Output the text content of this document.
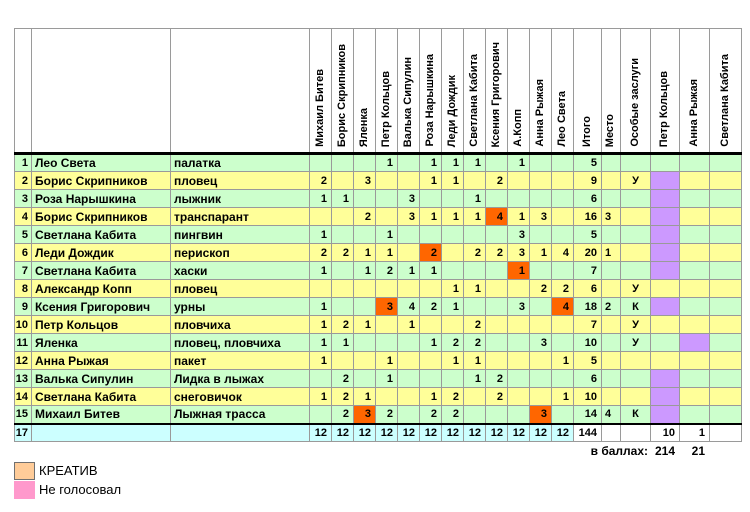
			Михаил Битев	Борис Скрипников	Яленка	Петр Кольцов	Валька Сипулин	Роза Нарышкина	Леди Дождик	Светлана Кабита	Ксения Григорович	А.Копп	Анна Рыжая	Лео Света	Итого	Место	Особые заслуги	Петр Кольцов	Анна Рыжая	Светлана Кабита
1	Лео Света	палатка				1		1	1	1		1			5					
2	Борис Скрипников	пловец	2		3			1	1		2				9		У			
3	Роза Нарышкина	лыжник	1	1			3			1					6					
4	Борис Скрипников	транспарант			2		3	1	1	1	4	1	3		16	3				
5	Светлана Кабита	пингвин	1			1						3			5					
6	Леди Дождик	перископ	2	2	1	1		2		2	2	3	1	4	20	1				
7	Светлана Кабита	хаски	1		1	2	1	1				1			7					
8	Александр Копп	пловец							1	1			2	2	6		У			
9	Ксения Григорович	урны	1			3	4	2	1			3		4	18	2	К			
10	Петр Кольцов	пловчиха	1	2	1		1			2					7		У			
11	Яленка	пловец, пловчиха	1	1				1	2	2			3		10		У			
12	Анна Рыжая	пакет	1			1			1	1				1	5					
13	Валька Сипулин	Лидка в лыжах		2		1				1	2				6					
14	Светлана Кабита	снеговичок	1	2	1			1	2		2			1	10					
15	Михаил Битев	Лыжная трасса		2	3	2		2	2				3		14	4	К			
17			12	12	12	12	12	12	12	12	12	12	12	12	144			10	1	
в баллах: 214	21
КРЕАТИВ
Не голосовал
